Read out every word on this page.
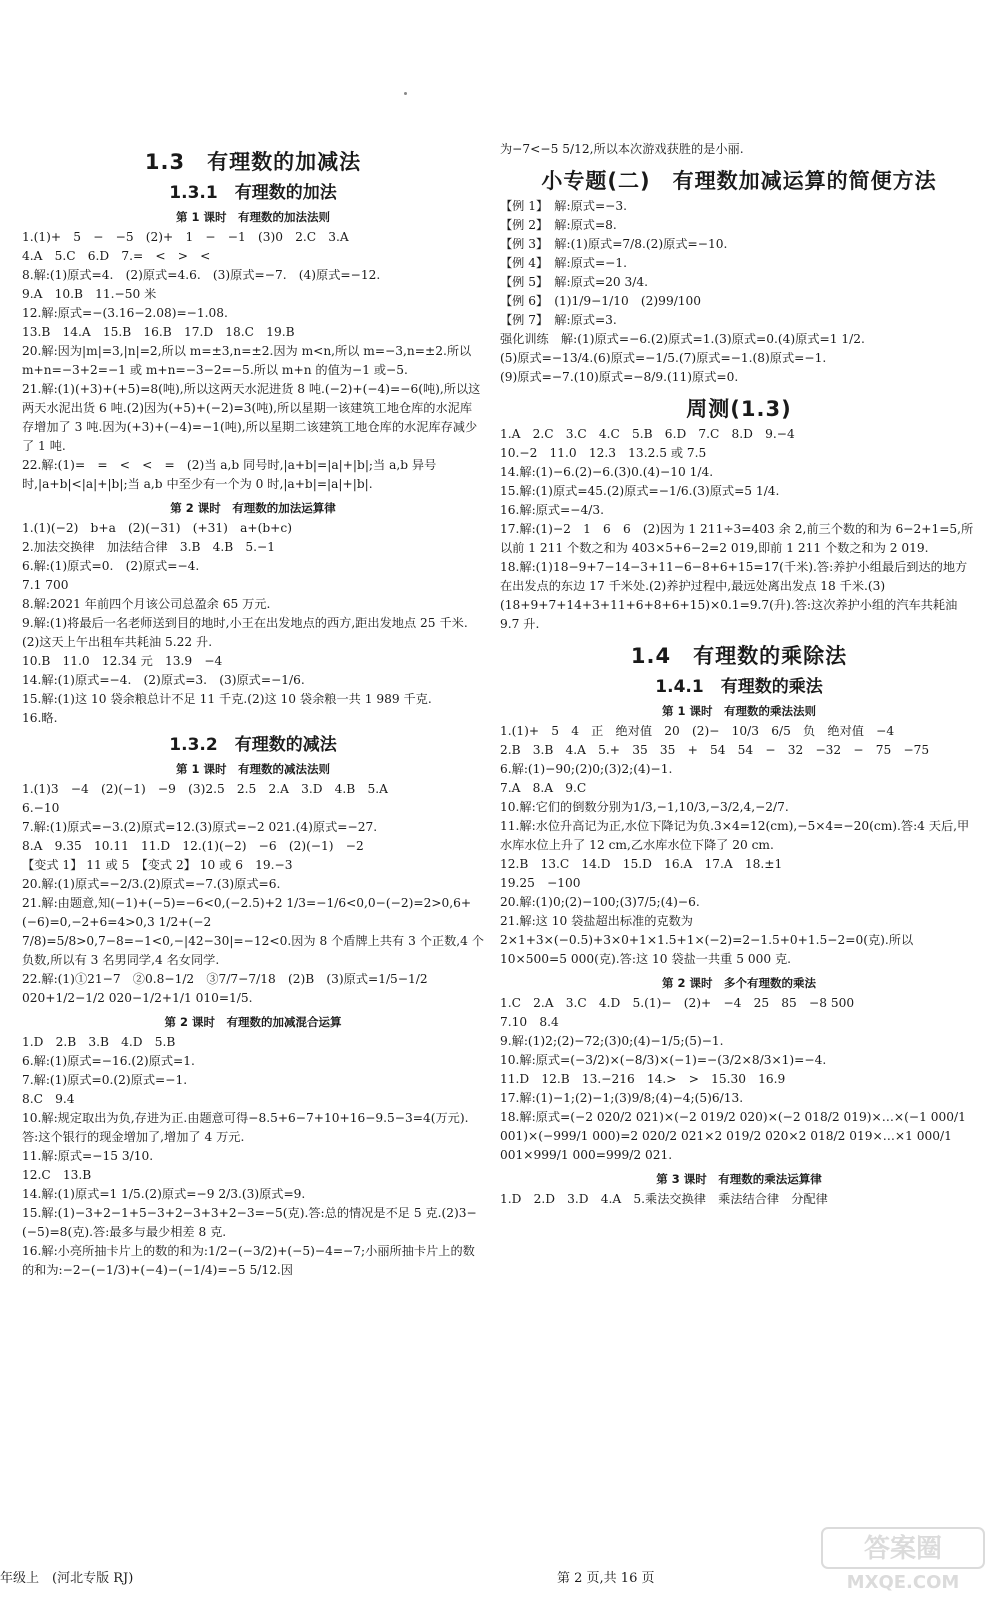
1.3　有理数的加减法
1.3.1　有理数的加法
第 1 课时　有理数的加法法则

1.(1)+　5　−　−5　(2)+　1　−　−1　(3)0　2.C　3.A

4.A　5.C　6.D　7.=　<　>　<

8.解:(1)原式=4.　(2)原式=4.6.　(3)原式=−7.　(4)原式=−12.

9.A　10.B　11.−50 米

12.解:原式=−(3.16−2.08)=−1.08.

13.B　14.A　15.B　16.B　17.D　18.C　19.B

20.解:因为|m|=3,|n|=2,所以 m=±3,n=±2.因为 m<n,所以 m=−3,n=±2.所以 m+n=−3+2=−1 或 m+n=−3−2=−5.所以 m+n 的值为−1 或−5.

21.解:(1)(+3)+(+5)=8(吨),所以这两天水泥进货 8 吨.(−2)+(−4)=−6(吨),所以这两天水泥出货 6 吨.(2)因为(+5)+(−2)=3(吨),所以星期一该建筑工地仓库的水泥库存增加了 3 吨.因为(+3)+(−4)=−1(吨),所以星期二该建筑工地仓库的水泥库存减少了 1 吨.

22.解:(1)=　=　<　<　=　(2)当 a,b 同号时,|a+b|=|a|+|b|;当 a,b 异号时,|a+b|<|a|+|b|;当 a,b 中至少有一个为 0 时,|a+b|=|a|+|b|.

第 2 课时　有理数的加法运算律

1.(1)(−2)　b+a　(2)(−31)　(+31)　a+(b+c)

2.加法交换律　加法结合律　3.B　4.B　5.−1

6.解:(1)原式=0.　(2)原式=−4.

7.1 700

8.解:2021 年前四个月该公司总盈余 65 万元.

9.解:(1)将最后一名老师送到目的地时,小王在出发地点的西方,距出发地点 25 千米.(2)这天上午出租车共耗油 5.22 升.

10.B　11.0　12.34 元　13.9　−4

14.解:(1)原式=−4.　(2)原式=3.　(3)原式=−1/6.

15.解:(1)这 10 袋余粮总计不足 11 千克.(2)这 10 袋余粮一共 1 989 千克.

16.略.

1.3.2　有理数的减法
第 1 课时　有理数的减法法则

1.(1)3　−4　(2)(−1)　−9　(3)2.5　2.5　2.A　3.D　4.B　5.A

6.−10

7.解:(1)原式=−3.(2)原式=12.(3)原式=−2 021.(4)原式=−27.

8.A　9.35　10.11　11.D　12.(1)(−2)　−6　(2)(−1)　−2

【变式 1】 11 或 5　【变式 2】 10 或 6　19.−3

20.解:(1)原式=−2/3.(2)原式=−7.(3)原式=6.

21.解:由题意,知(−1)+(−5)=−6<0,(−2.5)+2 1/3=−1/6<0,0−(−2)=2>0,6+(−6)=0,−2+6=4>0,3 1/2+(−2 7/8)=5/8>0,7−8=−1<0,−|42−30|=−12<0.因为 8 个盾牌上共有 3 个正数,4 个负数,所以有 3 名男同学,4 名女同学.

22.解:(1)①21−7　②0.8−1/2　③7/7−7/18　(2)B　(3)原式=1/5−1/2 020+1/2−1/2 020−1/2+1/1 010=1/5.

第 2 课时　有理数的加减混合运算

1.D　2.B　3.B　4.D　5.B

6.解:(1)原式=−16.(2)原式=1.

7.解:(1)原式=0.(2)原式=−1.

8.C　9.4

10.解:规定取出为负,存进为正.由题意可得−8.5+6−7+10+16−9.5−3=4(万元).答:这个银行的现金增加了,增加了 4 万元.

11.解:原式=−15 3/10.

12.C　13.B

14.解:(1)原式=1 1/5.(2)原式=−9 2/3.(3)原式=9.

15.解:(1)−3+2−1+5−3+2−3+3+2−3=−5(克).答:总的情况是不足 5 克.(2)3−(−5)=8(克).答:最多与最少相差 8 克.

16.解:小亮所抽卡片上的数的和为:1/2−(−3/2)+(−5)−4=−7;小丽所抽卡片上的数的和为:−2−(−1/3)+(−4)−(−1/4)=−5 5/12.因

为−7<−5 5/12,所以本次游戏获胜的是小丽.

小专题(二)　有理数加减运算的简便方法

【例 1】　解:原式=−3.

【例 2】　解:原式=8.

【例 3】　解:(1)原式=7/8.(2)原式=−10.

【例 4】　解:原式=−1.

【例 5】　解:原式=20 3/4.

【例 6】　(1)1/9−1/10　(2)99/100

【例 7】　解:原式=3.

强化训练　解:(1)原式=−6.(2)原式=1.(3)原式=0.(4)原式=1 1/2.

(5)原式=−13/4.(6)原式=−1/5.(7)原式=−1.(8)原式=−1.

(9)原式=−7.(10)原式=−8/9.(11)原式=0.

周测(1.3)

1.A　2.C　3.C　4.C　5.B　6.D　7.C　8.D　9.−4

10.−2　11.0　12.3　13.2.5 或 7.5

14.解:(1)−6.(2)−6.(3)0.(4)−10 1/4.

15.解:(1)原式=45.(2)原式=−1/6.(3)原式=5 1/4.

16.解:原式=−4/3.

17.解:(1)−2　1　6　6　(2)因为 1 211÷3=403 余 2,前三个数的和为 6−2+1=5,所以前 1 211 个数之和为 403×5+6−2=2 019,即前 1 211 个数之和为 2 019.

18.解:(1)18−9+7−14−3+11−6−8+6+15=17(千米).答:养护小组最后到达的地方在出发点的东边 17 千米处.(2)养护过程中,最远处离出发点 18 千米.(3)(18+9+7+14+3+11+6+8+6+15)×0.1=9.7(升).答:这次养护小组的汽车共耗油 9.7 升.

1.4　有理数的乘除法
1.4.1　有理数的乘法
第 1 课时　有理数的乘法法则

1.(1)+　5　4　正　绝对值　20　(2)−　10/3　6/5　负　绝对值　−4

2.B　3.B　4.A　5.+　35　35　+　54　54　−　32　−32　−　75　−75

6.解:(1)−90;(2)0;(3)2;(4)−1.

7.A　8.A　9.C

10.解:它们的倒数分别为1/3,−1,10/3,−3/2,4,−2/7.

11.解:水位升高记为正,水位下降记为负.3×4=12(cm),−5×4=−20(cm).答:4 天后,甲水库水位上升了 12 cm,乙水库水位下降了 20 cm.

12.B　13.C　14.D　15.D　16.A　17.A　18.±1

19.25　−100

20.解:(1)0;(2)−100;(3)7/5;(4)−6.

21.解:这 10 袋盐超出标准的克数为 2×1+3×(−0.5)+3×0+1×1.5+1×(−2)=2−1.5+0+1.5−2=0(克).所以 10×500=5 000(克).答:这 10 袋盐一共重 5 000 克.

第 2 课时　多个有理数的乘法

1.C　2.A　3.C　4.D　5.(1)−　(2)+　−4　25　85　−8 500

7.10　8.4

9.解:(1)2;(2)−72;(3)0;(4)−1/5;(5)−1.

10.解:原式=(−3/2)×(−8/3)×(−1)=−(3/2×8/3×1)=−4.

11.D　12.B　13.−216　14.>　>　15.30　16.9

17.解:(1)−1;(2)−1;(3)9/8;(4)−4;(5)6/13.

18.解:原式=(−2 020/2 021)×(−2 019/2 020)×(−2 018/2 019)×…×(−1 000/1 001)×(−999/1 000)=2 020/2 021×2 019/2 020×2 018/2 019×…×1 000/1 001×999/1 000=999/2 021.

第 3 课时　有理数的乘法运算律

1.D　2.D　3.D　4.A　5.乘法交换律　乘法结合律　分配律

年级上　(河北专版 RJ)	第 2 页,共 16 页
答案圈
MXQE.COM
